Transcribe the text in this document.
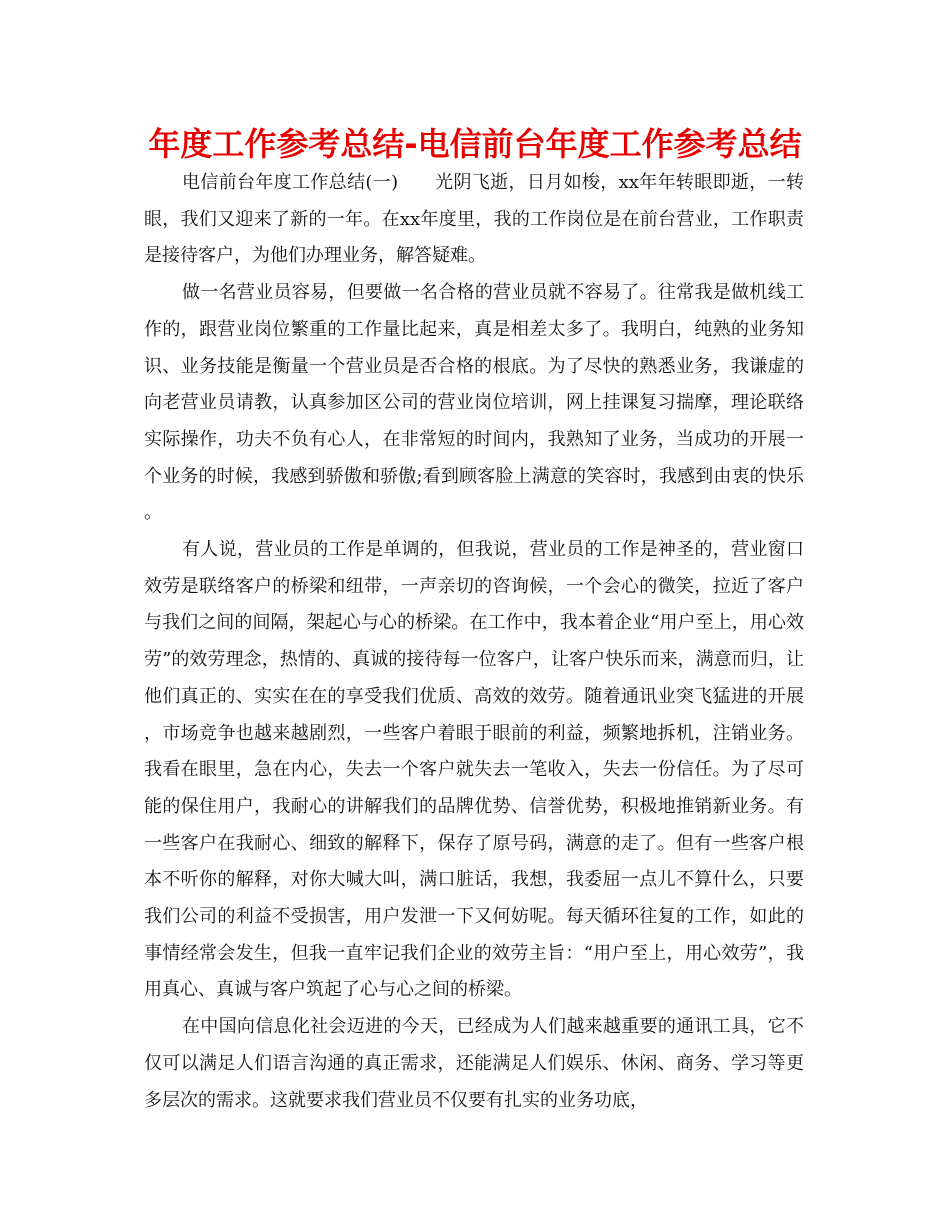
年度工作参考总结-电信前台年度工作参考总结

电信前台年度工作总结(一)　　光阴飞逝，日月如梭，xx年年转眼即逝，一转眼，我们又迎来了新的一年。在xx年度里，我的工作岗位是在前台营业，工作职责是接待客户，为他们办理业务，解答疑难。

做一名营业员容易，但要做一名合格的营业员就不容易了。往常我是做机线工作的，跟营业岗位繁重的工作量比起来，真是相差太多了。我明白，纯熟的业务知识、业务技能是衡量一个营业员是否合格的根底。为了尽快的熟悉业务，我谦虚的向老营业员请教，认真参加区公司的营业岗位培训，网上挂课复习揣摩，理论联络实际操作，功夫不负有心人，在非常短的时间内，我熟知了业务，当成功的开展一个业务的时候，我感到骄傲和骄傲;看到顾客脸上满意的笑容时，我感到由衷的快乐。

有人说，营业员的工作是单调的，但我说，营业员的工作是神圣的，营业窗口效劳是联络客户的桥梁和纽带，一声亲切的咨询候，一个会心的微笑，拉近了客户与我们之间的间隔，架起心与心的桥梁。在工作中，我本着企业“用户至上，用心效劳”的效劳理念，热情的、真诚的接待每一位客户，让客户快乐而来，满意而归，让他们真正的、实实在在的享受我们优质、高效的效劳。随着通讯业突飞猛进的开展，市场竞争也越来越剧烈，一些客户着眼于眼前的利益，频繁地拆机，注销业务。我看在眼里，急在内心，失去一个客户就失去一笔收入，失去一份信任。为了尽可能的保住用户，我耐心的讲解我们的品牌优势、信誉优势，积极地推销新业务。有一些客户在我耐心、细致的解释下，保存了原号码，满意的走了。但有一些客户根本不听你的解释，对你大喊大叫，满口脏话，我想，我委屈一点儿不算什么，只要我们公司的利益不受损害，用户发泄一下又何妨呢。每天循环往复的工作，如此的事情经常会发生，但我一直牢记我们企业的效劳主旨：“用户至上，用心效劳”，我用真心、真诚与客户筑起了心与心之间的桥梁。

在中国向信息化社会迈进的今天，已经成为人们越来越重要的通讯工具，它不仅可以满足人们语言沟通的真正需求，还能满足人们娱乐、休闲、商务、学习等更多层次的需求。这就要求我们营业员不仅要有扎实的业务功底，
